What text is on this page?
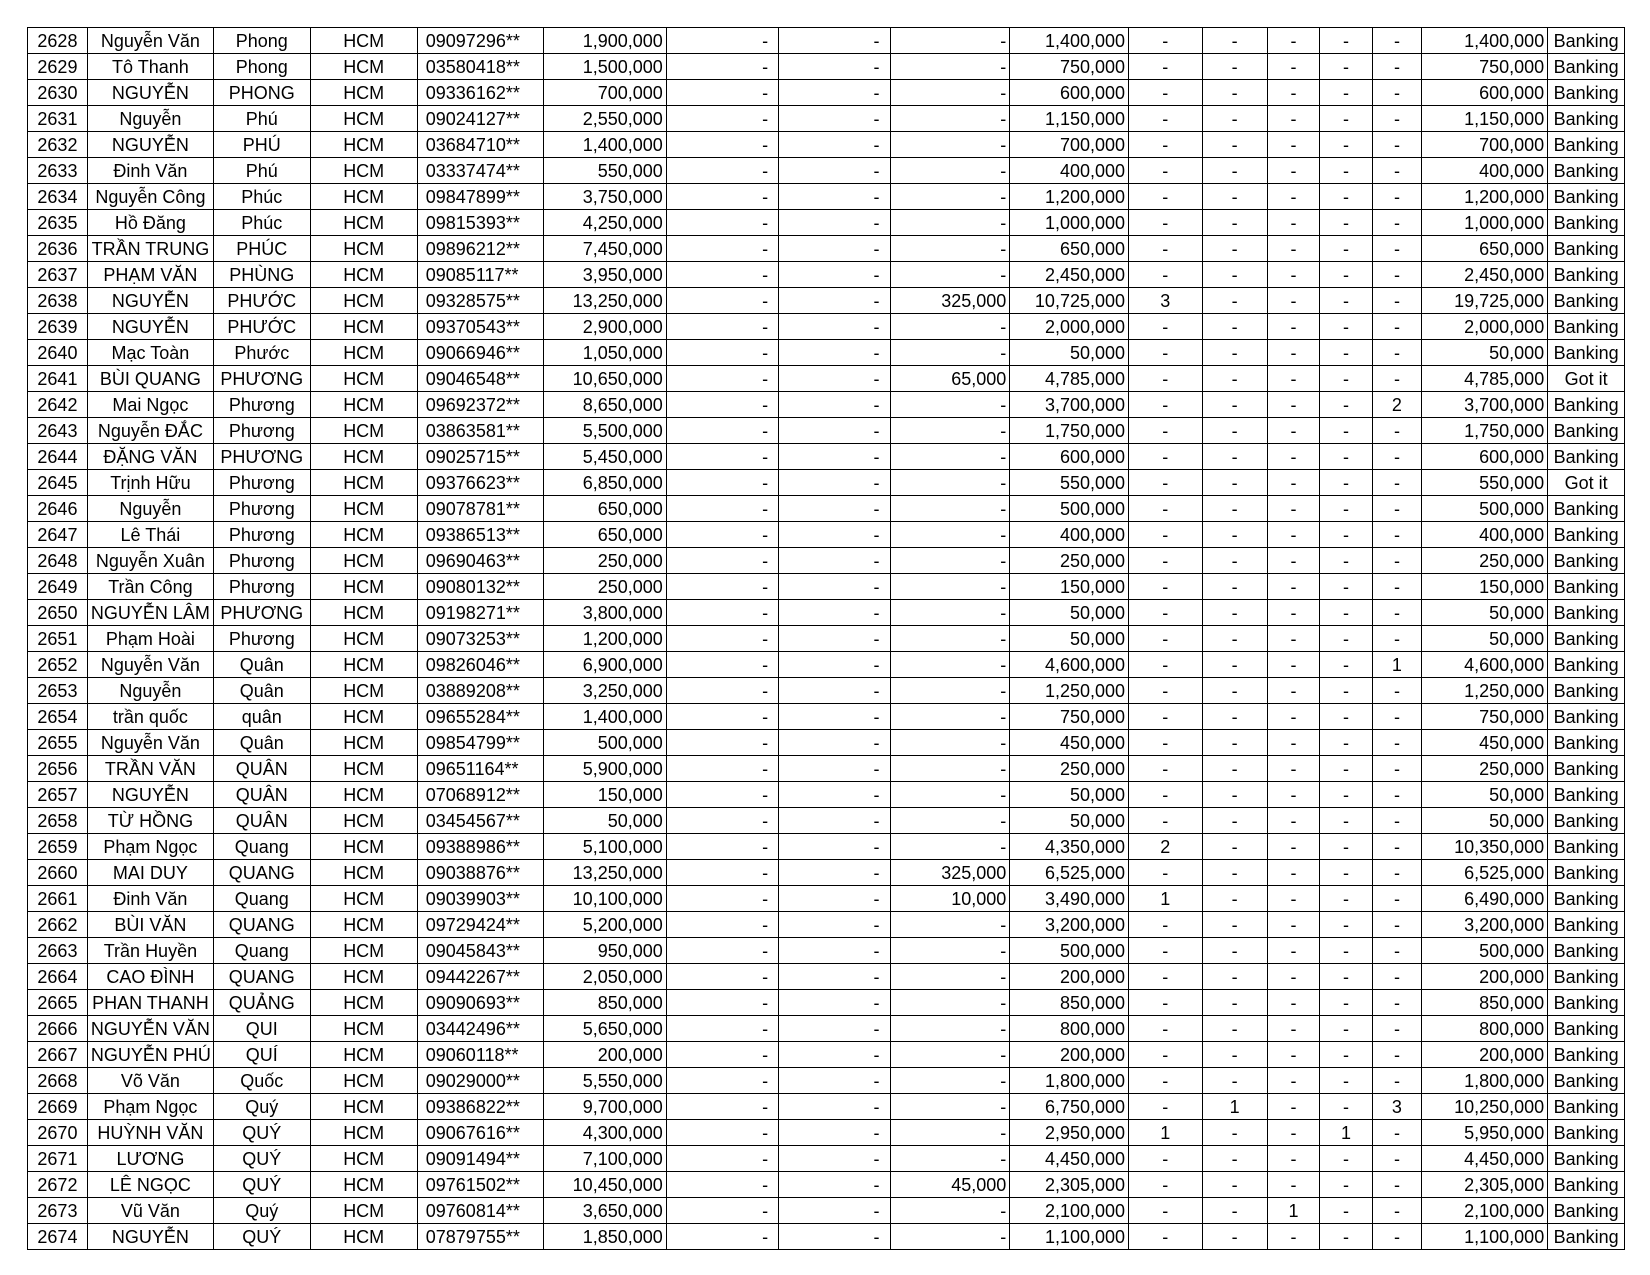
2628	Nguyễn Văn	Phong	HCM	09097296**	1,900,000	-	-	-	1,400,000	-	-	-	-	-	1,400,000	Banking
2629	Tô Thanh	Phong	HCM	03580418**	1,500,000	-	-	-	750,000	-	-	-	-	-	750,000	Banking
2630	NGUYỄN	PHONG	HCM	09336162**	700,000	-	-	-	600,000	-	-	-	-	-	600,000	Banking
2631	Nguyễn	Phú	HCM	09024127**	2,550,000	-	-	-	1,150,000	-	-	-	-	-	1,150,000	Banking
2632	NGUYỄN	PHÚ	HCM	03684710**	1,400,000	-	-	-	700,000	-	-	-	-	-	700,000	Banking
2633	Đinh Văn	Phú	HCM	03337474**	550,000	-	-	-	400,000	-	-	-	-	-	400,000	Banking
2634	Nguyễn Công	Phúc	HCM	09847899**	3,750,000	-	-	-	1,200,000	-	-	-	-	-	1,200,000	Banking
2635	Hồ Đăng	Phúc	HCM	09815393**	4,250,000	-	-	-	1,000,000	-	-	-	-	-	1,000,000	Banking
2636	TRẦN TRUNG	PHÚC	HCM	09896212**	7,450,000	-	-	-	650,000	-	-	-	-	-	650,000	Banking
2637	PHẠM VĂN	PHÙNG	HCM	09085117**	3,950,000	-	-	-	2,450,000	-	-	-	-	-	2,450,000	Banking
2638	NGUYỄN	PHƯỚC	HCM	09328575**	13,250,000	-	-	325,000	10,725,000	3	-	-	-	-	19,725,000	Banking
2639	NGUYỄN	PHƯỚC	HCM	09370543**	2,900,000	-	-	-	2,000,000	-	-	-	-	-	2,000,000	Banking
2640	Mạc Toàn	Phước	HCM	09066946**	1,050,000	-	-	-	50,000	-	-	-	-	-	50,000	Banking
2641	BÙI QUANG	PHƯƠNG	HCM	09046548**	10,650,000	-	-	65,000	4,785,000	-	-	-	-	-	4,785,000	Got it
2642	Mai Ngọc	Phương	HCM	09692372**	8,650,000	-	-	-	3,700,000	-	-	-	-	2	3,700,000	Banking
2643	Nguyễn ĐẮC	Phương	HCM	03863581**	5,500,000	-	-	-	1,750,000	-	-	-	-	-	1,750,000	Banking
2644	ĐẶNG VĂN	PHƯƠNG	HCM	09025715**	5,450,000	-	-	-	600,000	-	-	-	-	-	600,000	Banking
2645	Trịnh Hữu	Phương	HCM	09376623**	6,850,000	-	-	-	550,000	-	-	-	-	-	550,000	Got it
2646	Nguyễn	Phương	HCM	09078781**	650,000	-	-	-	500,000	-	-	-	-	-	500,000	Banking
2647	Lê Thái	Phương	HCM	09386513**	650,000	-	-	-	400,000	-	-	-	-	-	400,000	Banking
2648	Nguyễn Xuân	Phương	HCM	09690463**	250,000	-	-	-	250,000	-	-	-	-	-	250,000	Banking
2649	Trần Công	Phương	HCM	09080132**	250,000	-	-	-	150,000	-	-	-	-	-	150,000	Banking
2650	NGUYỄN LÂM	PHƯƠNG	HCM	09198271**	3,800,000	-	-	-	50,000	-	-	-	-	-	50,000	Banking
2651	Phạm Hoài	Phương	HCM	09073253**	1,200,000	-	-	-	50,000	-	-	-	-	-	50,000	Banking
2652	Nguyễn Văn	Quân	HCM	09826046**	6,900,000	-	-	-	4,600,000	-	-	-	-	1	4,600,000	Banking
2653	Nguyễn	Quân	HCM	03889208**	3,250,000	-	-	-	1,250,000	-	-	-	-	-	1,250,000	Banking
2654	trần quốc	quân	HCM	09655284**	1,400,000	-	-	-	750,000	-	-	-	-	-	750,000	Banking
2655	Nguyễn Văn	Quân	HCM	09854799**	500,000	-	-	-	450,000	-	-	-	-	-	450,000	Banking
2656	TRẦN VĂN	QUÂN	HCM	09651164**	5,900,000	-	-	-	250,000	-	-	-	-	-	250,000	Banking
2657	NGUYỄN	QUÂN	HCM	07068912**	150,000	-	-	-	50,000	-	-	-	-	-	50,000	Banking
2658	TỪ HỒNG	QUÂN	HCM	03454567**	50,000	-	-	-	50,000	-	-	-	-	-	50,000	Banking
2659	Phạm Ngọc	Quang	HCM	09388986**	5,100,000	-	-	-	4,350,000	2	-	-	-	-	10,350,000	Banking
2660	MAI DUY	QUANG	HCM	09038876**	13,250,000	-	-	325,000	6,525,000	-	-	-	-	-	6,525,000	Banking
2661	Đinh Văn	Quang	HCM	09039903**	10,100,000	-	-	10,000	3,490,000	1	-	-	-	-	6,490,000	Banking
2662	BÙI VĂN	QUANG	HCM	09729424**	5,200,000	-	-	-	3,200,000	-	-	-	-	-	3,200,000	Banking
2663	Trần Huyền	Quang	HCM	09045843**	950,000	-	-	-	500,000	-	-	-	-	-	500,000	Banking
2664	CAO ĐÌNH	QUANG	HCM	09442267**	2,050,000	-	-	-	200,000	-	-	-	-	-	200,000	Banking
2665	PHAN THANH	QUẢNG	HCM	09090693**	850,000	-	-	-	850,000	-	-	-	-	-	850,000	Banking
2666	NGUYỄN VĂN	QUI	HCM	03442496**	5,650,000	-	-	-	800,000	-	-	-	-	-	800,000	Banking
2667	NGUYỄN PHÚ	QUÍ	HCM	09060118**	200,000	-	-	-	200,000	-	-	-	-	-	200,000	Banking
2668	Võ Văn	Quốc	HCM	09029000**	5,550,000	-	-	-	1,800,000	-	-	-	-	-	1,800,000	Banking
2669	Phạm Ngọc	Quý	HCM	09386822**	9,700,000	-	-	-	6,750,000	-	1	-	-	3	10,250,000	Banking
2670	HUỲNH VĂN	QUÝ	HCM	09067616**	4,300,000	-	-	-	2,950,000	1	-	-	1	-	5,950,000	Banking
2671	LƯƠNG	QUÝ	HCM	09091494**	7,100,000	-	-	-	4,450,000	-	-	-	-	-	4,450,000	Banking
2672	LÊ NGỌC	QUÝ	HCM	09761502**	10,450,000	-	-	45,000	2,305,000	-	-	-	-	-	2,305,000	Banking
2673	Vũ Văn	Quý	HCM	09760814**	3,650,000	-	-	-	2,100,000	-	-	1	-	-	2,100,000	Banking
2674	NGUYỄN	QUÝ	HCM	07879755**	1,850,000	-	-	-	1,100,000	-	-	-	-	-	1,100,000	Banking
